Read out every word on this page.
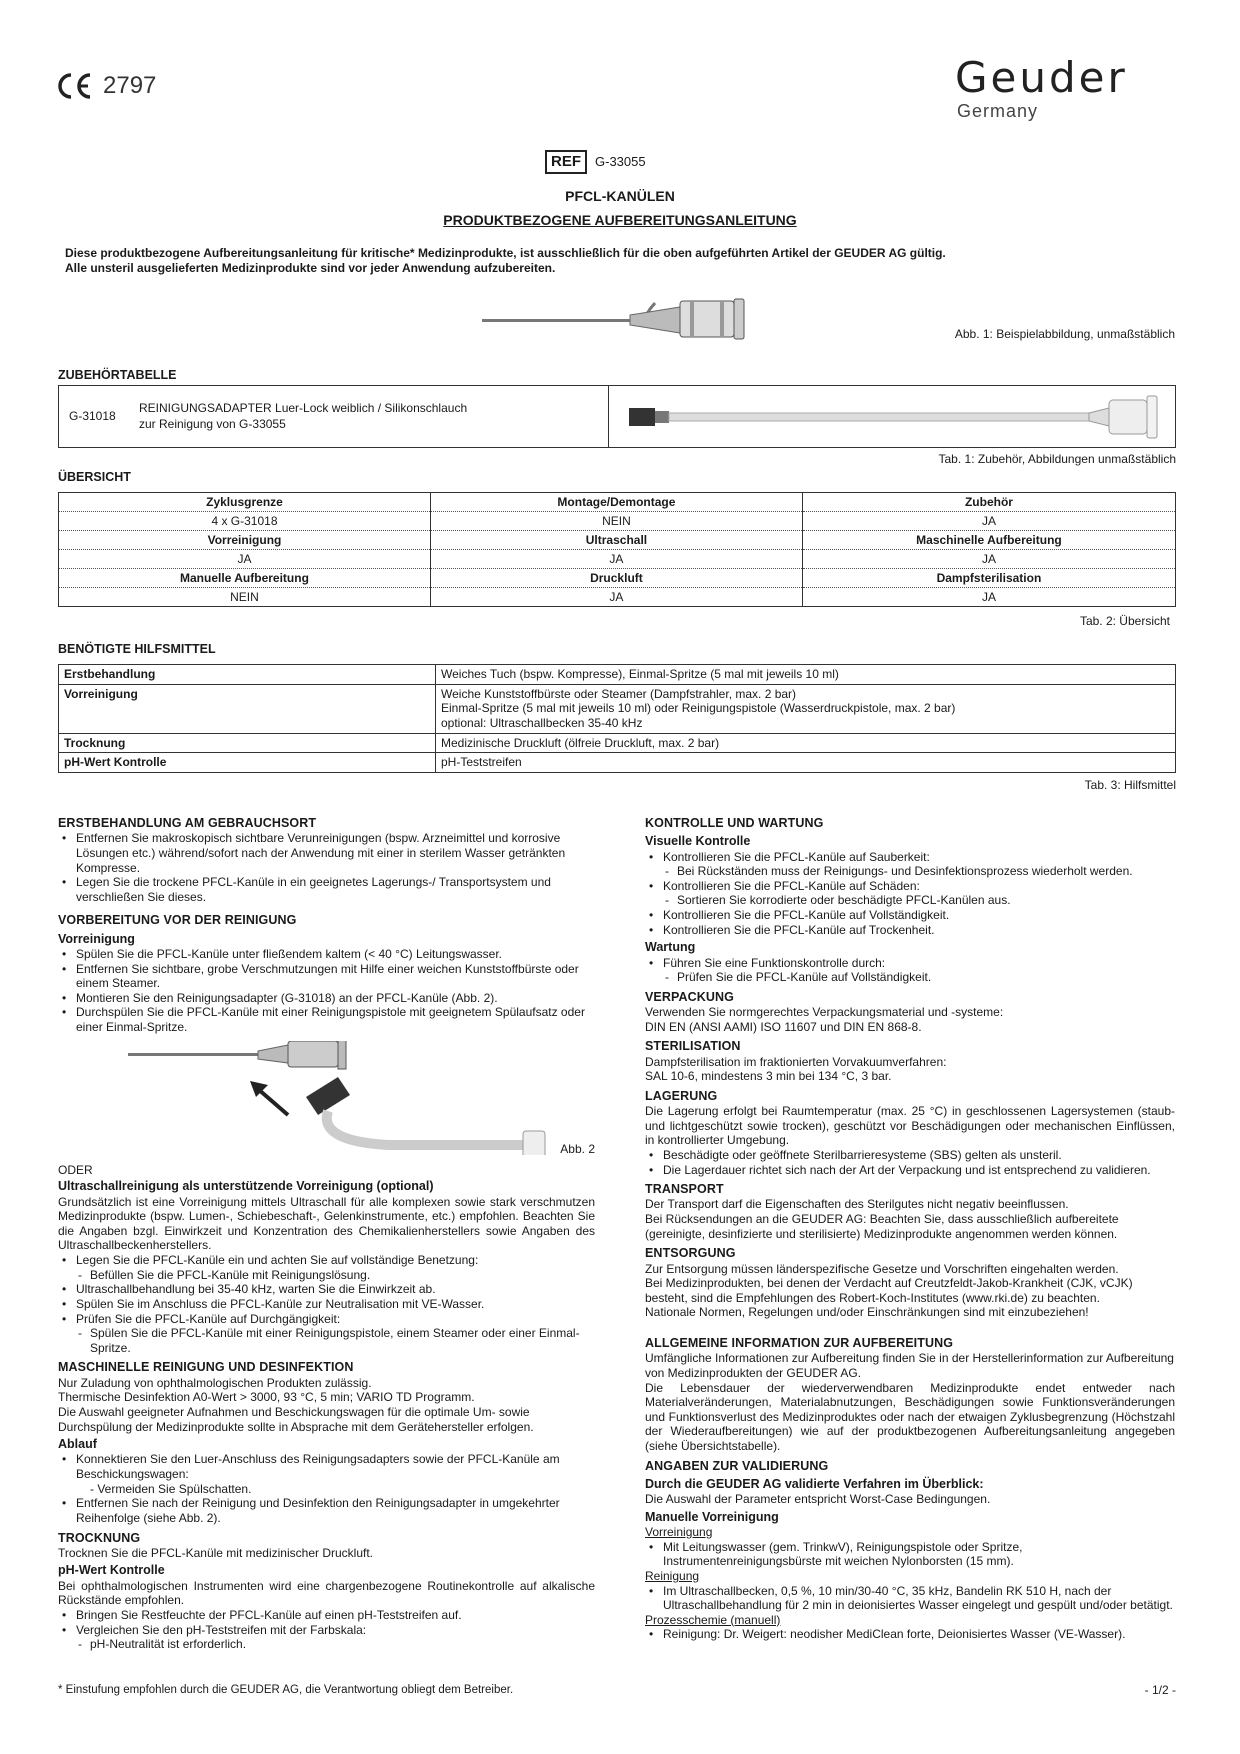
2797	Geuder
Germany
REF	G-33055
PFCL-KANÜLEN
PRODUKTBEZOGENE AUFBEREITUNGSANLEITUNG
Diese produktbezogene Aufbereitungsanleitung für kritische* Medizinprodukte, ist ausschließlich für die oben aufgeführten Artikel der GEUDER AG gültig.
Alle unsteril ausgelieferten Medizinprodukte sind vor jeder Anwendung aufzubereiten.
Abb. 1: Beispielabbildung, unmaßstäblich
ZUBEHÖRTABELLE
G-31018
REINIGUNGSADAPTER Luer-Lock weiblich / Silikonschlauch
zur Reinigung von G-33055
Tab. 1: Zubehör, Abbildungen unmaßstäblich
ÜBERSICHT
Zyklusgrenze	Montage/Demontage	Zubehör
4 x G-31018	NEIN	JA
Vorreinigung	Ultraschall	Maschinelle Aufbereitung
JA	JA	JA
Manuelle Aufbereitung	Druckluft	Dampfsterilisation
NEIN	JA	JA
Tab. 2: Übersicht
BENÖTIGTE HILFSMITTEL
Erstbehandlung	Weiches Tuch (bspw. Kompresse), Einmal-Spritze (5 mal mit jeweils 10 ml)

Vorreinigung	Weiche Kunststoffbürste oder Steamer (Dampfstrahler, max. 2 bar)
Einmal-Spritze (5 mal mit jeweils 10 ml) oder Reinigungspistole (Wasserdruckpistole, max. 2 bar)
optional: Ultraschallbecken 35-40 kHz

Trocknung	Medizinische Druckluft (ölfreie Druckluft, max. 2 bar)

pH-Wert Kontrolle	pH-Teststreifen
Tab. 3: Hilfsmittel
ERSTBEHANDLUNG AM GEBRAUCHSORT
• Entfernen Sie makroskopisch sichtbare Verunreinigungen (bspw. Arzneimittel und korrosive Lösungen etc.) während/sofort nach der Anwendung mit einer in sterilem Wasser getränkten Kompresse.
• Legen Sie die trockene PFCL-Kanüle in ein geeignetes Lagerungs-/ Transportsystem und verschließen Sie dieses.
VORBEREITUNG VOR DER REINIGUNG
Vorreinigung
• Spülen Sie die PFCL-Kanüle unter fließendem kaltem (< 40 °C) Leitungswasser.
• Entfernen Sie sichtbare, grobe Verschmutzungen mit Hilfe einer weichen Kunststoffbürste oder einem Steamer.
• Montieren Sie den Reinigungsadapter (G-31018) an der PFCL-Kanüle (Abb. 2).
• Durchspülen Sie die PFCL-Kanüle mit einer Reinigungspistole mit geeignetem Spülaufsatz oder einer Einmal-Spritze.
Abb. 2
ODER
Ultraschallreinigung als unterstützende Vorreinigung (optional)

Grundsätzlich ist eine Vorreinigung mittels Ultraschall für alle komplexen sowie stark verschmutzen Medizinprodukte (bspw. Lumen-, Schiebeschaft-, Gelenkinstrumente, etc.) empfohlen. Beachten Sie die Angaben bzgl. Einwirkzeit und Konzentration des Chemikalienherstellers sowie Angaben des Ultraschallbeckenherstellers.

• Legen Sie die PFCL-Kanüle ein und achten Sie auf vollständige Benetzung:
- Befüllen Sie die PFCL-Kanüle mit Reinigungslösung.
• Ultraschallbehandlung bei 35-40 kHz, warten Sie die Einwirkzeit ab.
• Spülen Sie im Anschluss die PFCL-Kanüle zur Neutralisation mit VE-Wasser.
• Prüfen Sie die PFCL-Kanüle auf Durchgängigkeit:
- Spülen Sie die PFCL-Kanüle mit einer Reinigungspistole, einem Steamer oder einer Einmal-Spritze.
MASCHINELLE REINIGUNG UND DESINFEKTION

Nur Zuladung von ophthalmologischen Produkten zulässig.

Thermische Desinfektion A0-Wert > 3000, 93 °C, 5 min; VARIO TD Programm.

Die Auswahl geeigneter Aufnahmen und Beschickungswagen für die optimale Um- sowie Durchspülung der Medizinprodukte sollte in Absprache mit dem Gerätehersteller erfolgen.

Ablauf
• Konnektieren Sie den Luer-Anschluss des Reinigungsadapters sowie der PFCL-Kanüle am Beschickungswagen:
- Vermeiden Sie Spülschatten.
• Entfernen Sie nach der Reinigung und Desinfektion den Reinigungsadapter in umgekehrter Reihenfolge (siehe Abb. 2).
TROCKNUNG

Trocknen Sie die PFCL-Kanüle mit medizinischer Druckluft.

pH-Wert Kontrolle

Bei ophthalmologischen Instrumenten wird eine chargenbezogene Routinekontrolle auf alkalische Rückstände empfohlen.

• Bringen Sie Restfeuchte der PFCL-Kanüle auf einen pH-Teststreifen auf.
• Vergleichen Sie den pH-Teststreifen mit der Farbskala:
- pH-Neutralität ist erforderlich.
KONTROLLE UND WARTUNG
Visuelle Kontrolle
• Kontrollieren Sie die PFCL-Kanüle auf Sauberkeit:
- Bei Rückständen muss der Reinigungs- und Desinfektionsprozess wiederholt werden.
• Kontrollieren Sie die PFCL-Kanüle auf Schäden:
- Sortieren Sie korrodierte oder beschädigte PFCL-Kanülen aus.
• Kontrollieren Sie die PFCL-Kanüle auf Vollständigkeit.
• Kontrollieren Sie die PFCL-Kanüle auf Trockenheit.
Wartung
• Führen Sie eine Funktionskontrolle durch:
- Prüfen Sie die PFCL-Kanüle auf Vollständigkeit.
VERPACKUNG

Verwenden Sie normgerechtes Verpackungsmaterial und -systeme:

DIN EN (ANSI AAMI) ISO 11607 und DIN EN 868-8.

STERILISATION

Dampfsterilisation im fraktionierten Vorvakuumverfahren:

SAL 10-6, mindestens 3 min bei 134 °C, 3 bar.

LAGERUNG

Die Lagerung erfolgt bei Raumtemperatur (max. 25 °C) in geschlossenen Lagersystemen (staub- und lichtgeschützt sowie trocken), geschützt vor Beschädigungen oder mechanischen Einflüssen, in kontrollierter Umgebung.

• Beschädigte oder geöffnete Sterilbarrieresysteme (SBS) gelten als unsteril.
• Die Lagerdauer richtet sich nach der Art der Verpackung und ist entsprechend zu validieren.
TRANSPORT

Der Transport darf die Eigenschaften des Sterilgutes nicht negativ beeinflussen.

Bei Rücksendungen an die GEUDER AG: Beachten Sie, dass ausschließlich aufbereitete (gereinigte, desinfizierte und sterilisierte) Medizinprodukte angenommen werden können.

ENTSORGUNG

Zur Entsorgung müssen länderspezifische Gesetze und Vorschriften eingehalten werden.

Bei Medizinprodukten, bei denen der Verdacht auf Creutzfeldt-Jakob-Krankheit (CJK, vCJK) besteht, sind die Empfehlungen des Robert-Koch-Institutes (www.rki.de) zu beachten.

Nationale Normen, Regelungen und/oder Einschränkungen sind mit einzubeziehen!

ALLGEMEINE INFORMATION ZUR AUFBEREITUNG

Umfängliche Informationen zur Aufbereitung finden Sie in der Herstellerinformation zur Aufbereitung von Medizinprodukten der GEUDER AG.

Die Lebensdauer der wiederverwendbaren Medizinprodukte endet entweder nach Materialveränderungen, Materialabnutzungen, Beschädigungen sowie Funktionsveränderungen und Funktionsverlust des Medizinproduktes oder nach der etwaigen Zyklusbegrenzung (Höchstzahl der Wiederaufbereitungen) wie auf der produktbezogenen Aufbereitungsanleitung angegeben (siehe Übersichtstabelle).

ANGABEN ZUR VALIDIERUNG
Durch die GEUDER AG validierte Verfahren im Überblick:

Die Auswahl der Parameter entspricht Worst-Case Bedingungen.

Manuelle Vorreinigung
Vorreinigung
• Mit Leitungswasser (gem. TrinkwV), Reinigungspistole oder Spritze, Instrumentenreinigungsbürste mit weichen Nylonborsten (15 mm).
Reinigung
• Im Ultraschallbecken, 0,5 %, 10 min/30-40 °C, 35 kHz, Bandelin RK 510 H, nach der Ultraschallbehandlung für 2 min in deionisiertes Wasser eingelegt und gespült und/oder betätigt.
Prozesschemie (manuell)
• Reinigung: Dr. Weigert: neodisher MediClean forte, Deionisiertes Wasser (VE-Wasser).
* Einstufung empfohlen durch die GEUDER AG, die Verantwortung obliegt dem Betreiber.	- 1/2 -
